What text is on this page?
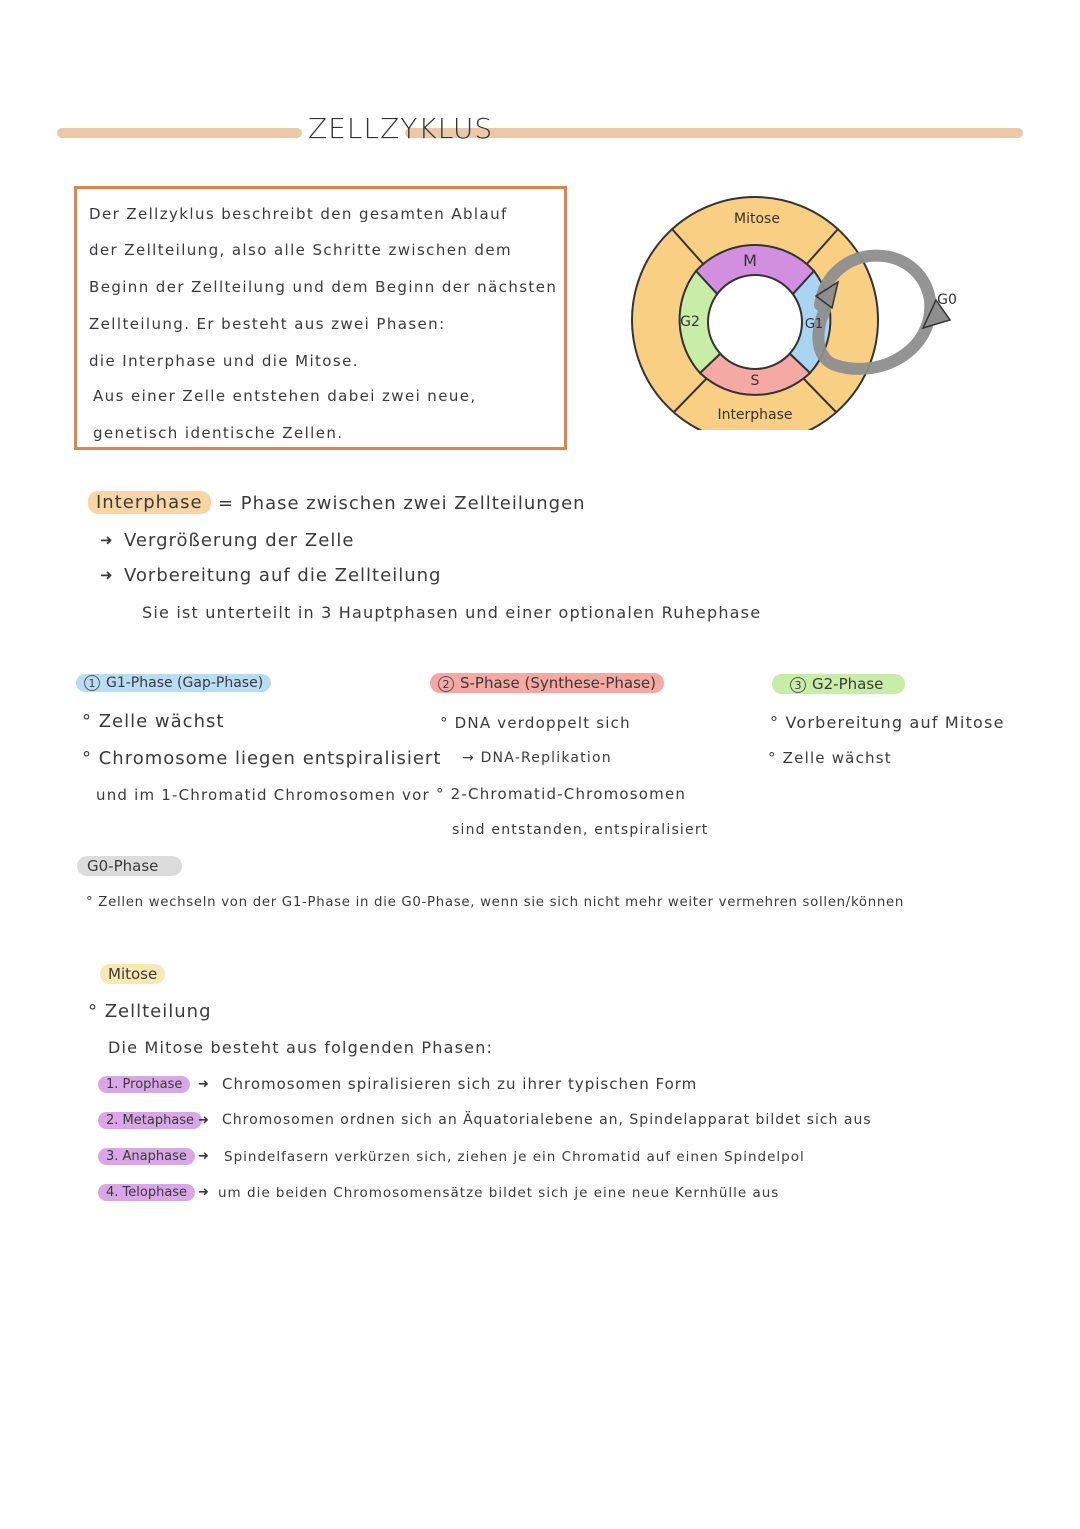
ZELLZYKLUS
Der Zellzyklus beschreibt den gesamten Ablauf
der Zellteilung, also alle Schritte zwischen dem
Beginn der Zellteilung und dem Beginn der nächsten
Zellteilung. Er besteht aus zwei Phasen:
die Interphase und die Mitose.
Aus einer Zelle entstehen dabei zwei neue,
genetisch identische Zellen.
Mitose
M
G2	G1
S
Interphase
G0
Interphase = Phase zwischen zwei Zellteilungen
➜ Vergrößerung der Zelle
➜ Vorbereitung auf die Zellteilung
Sie ist unterteilt in 3 Hauptphasen und einer optionalen Ruhephase
1 G1-Phase (Gap-Phase)
° Zelle wächst
° Chromosome liegen entspiralisiert
und im 1-Chromatid Chromosomen vor
2 S-Phase (Synthese-Phase)
° DNA verdoppelt sich
→ DNA-Replikation
° 2-Chromatid-Chromosomen
sind entstanden, entspiralisiert
3 G2-Phase
° Vorbereitung auf Mitose
° Zelle wächst
G0-Phase
° Zellen wechseln von der G1-Phase in die G0-Phase, wenn sie sich nicht mehr weiter vermehren sollen/können
Mitose
° Zellteilung
Die Mitose besteht aus folgenden Phasen:
1. Prophase	➜ Chromosomen spiralisieren sich zu ihrer typischen Form
2. Metaphase ➜ Chromosomen ordnen sich an Äquatorialebene an, Spindelapparat bildet sich aus
3. Anaphase ➜ Spindelfasern verkürzen sich, ziehen je ein Chromatid auf einen Spindelpol
4. Telophase ➜ um die beiden Chromosomensätze bildet sich je eine neue Kernhülle aus
